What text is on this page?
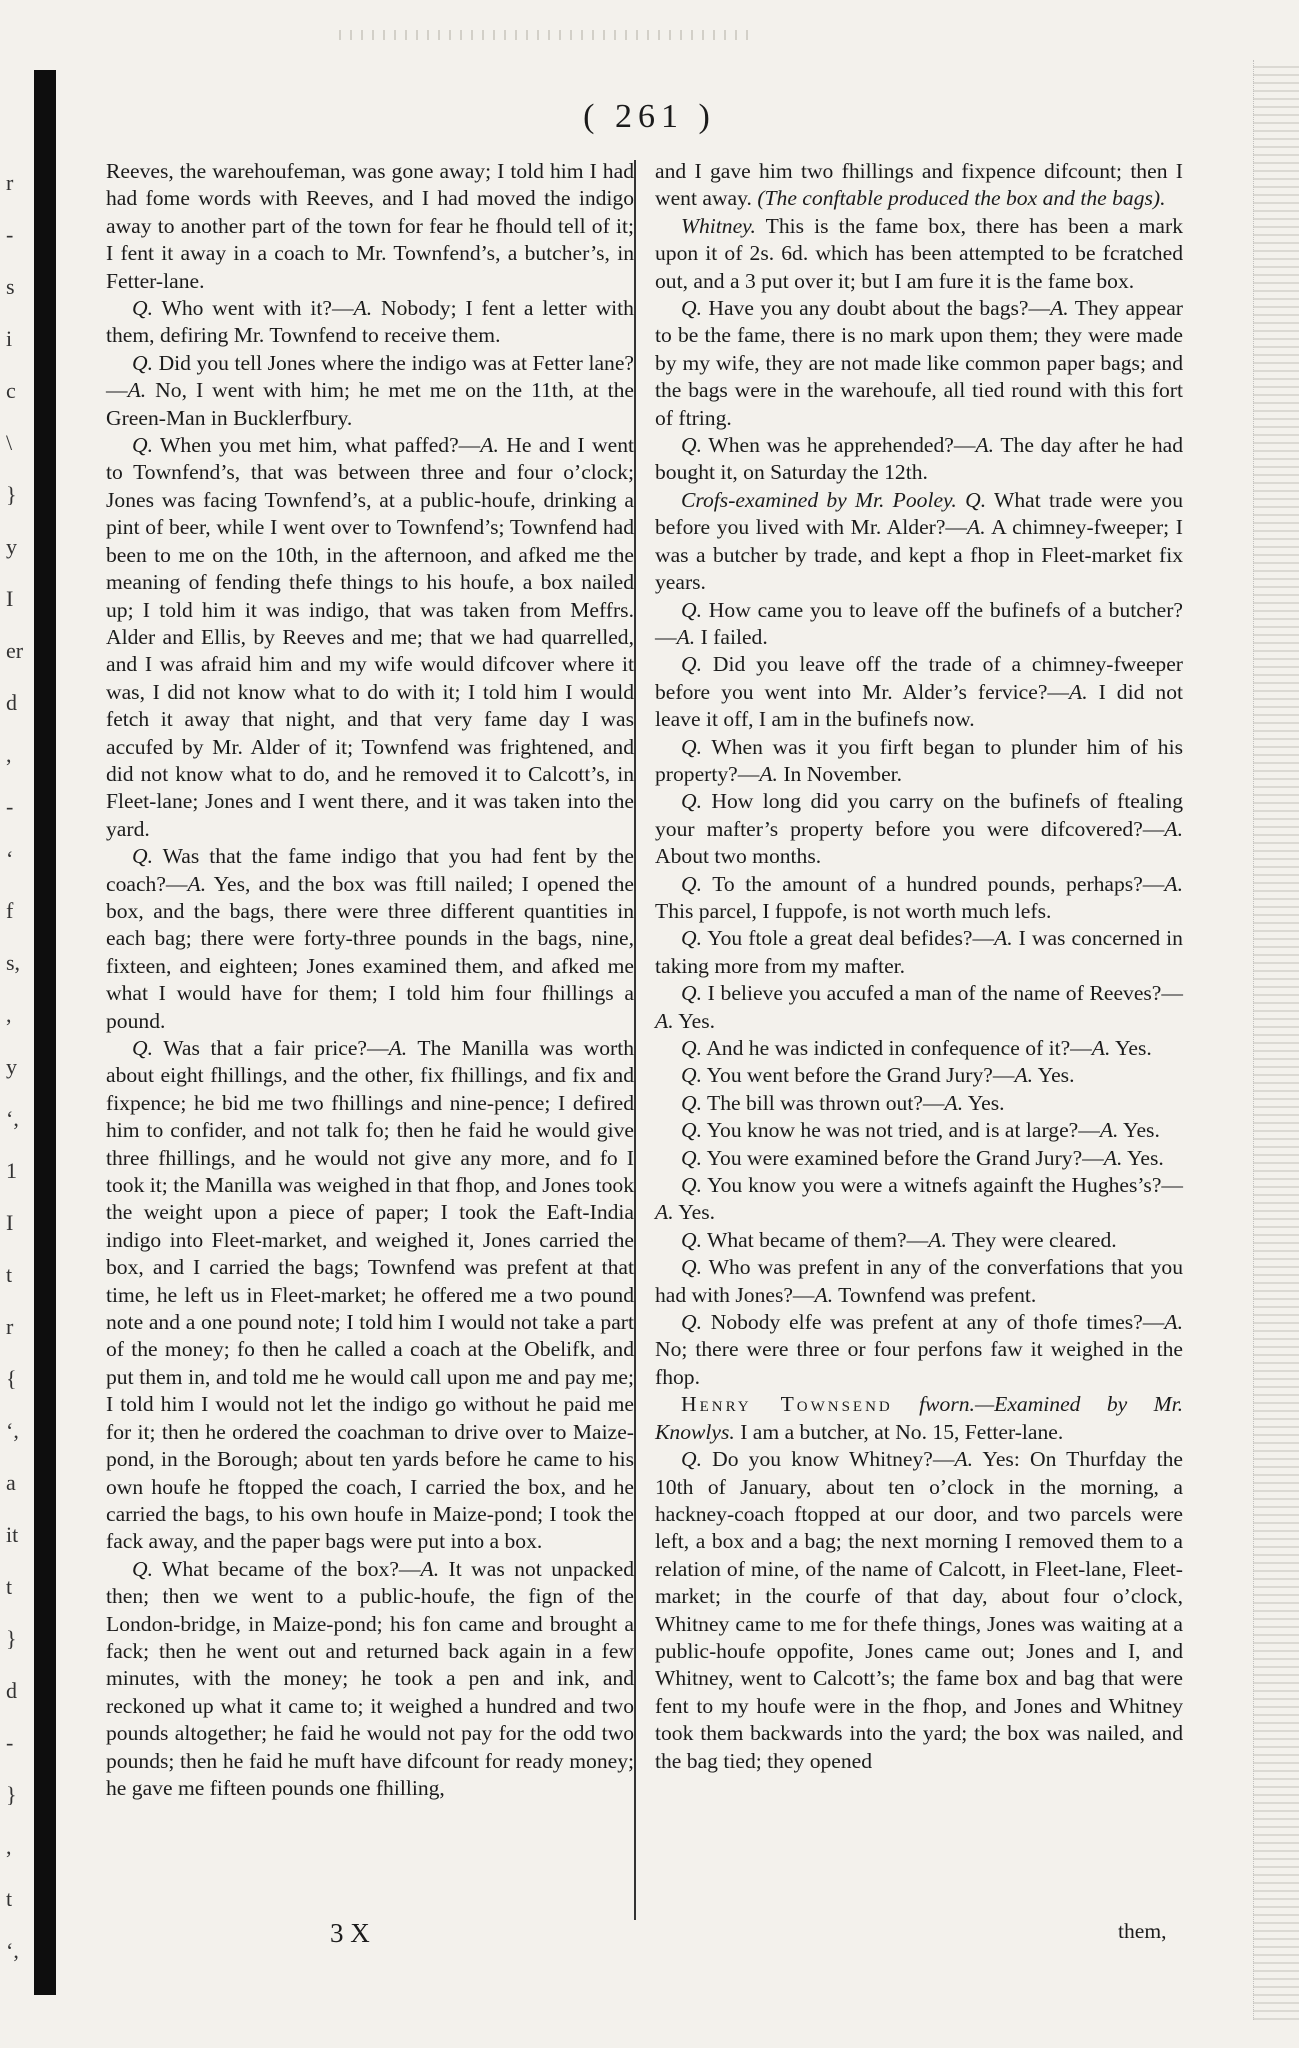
r
-
s
i
c
\
}
y
I
er
d
,
-
‘
f
s,
,
y
‘,
1
I
t
r
{
‘,
a
it
t
}
d
-
}
,
t
‘,
( 261 )

Reeves, the warehoufeman, was gone away; I told him I had had fome words with Reeves, and I had moved the indigo away to another part of the town for fear he fhould tell of it; I fent it away in a coach to Mr. Townfend’s, a butcher’s, in Fetter-lane.

Q. Who went with it?—A. Nobody; I fent a letter with them, defiring Mr. Townfend to receive them.

Q. Did you tell Jones where the indigo was at Fetter lane?—A. No, I went with him; he met me on the 11th, at the Green-Man in Bucklerfbury.

Q. When you met him, what paffed?—A. He and I went to Townfend’s, that was between three and four o’clock; Jones was facing Townfend’s, at a public-houfe, drinking a pint of beer, while I went over to Townfend’s; Townfend had been to me on the 10th, in the afternoon, and afked me the meaning of fending thefe things to his houfe, a box nailed up; I told him it was indigo, that was taken from Meffrs. Alder and Ellis, by Reeves and me; that we had quarrelled, and I was afraid him and my wife would difcover where it was, I did not know what to do with it; I told him I would fetch it away that night, and that very fame day I was accufed by Mr. Alder of it; Townfend was frightened, and did not know what to do, and he removed it to Calcott’s, in Fleet-lane; Jones and I went there, and it was taken into the yard.

Q. Was that the fame indigo that you had fent by the coach?—A. Yes, and the box was ftill nailed; I opened the box, and the bags, there were three different quantities in each bag; there were forty-three pounds in the bags, nine, fixteen, and eighteen; Jones examined them, and afked me what I would have for them; I told him four fhillings a pound.

Q. Was that a fair price?—A. The Manilla was worth about eight fhillings, and the other, fix fhillings, and fix and fixpence; he bid me two fhillings and nine-pence; I defired him to confider, and not talk fo; then he faid he would give three fhillings, and he would not give any more, and fo I took it; the Manilla was weighed in that fhop, and Jones took the weight upon a piece of paper; I took the Eaft-India indigo into Fleet-market, and weighed it, Jones carried the box, and I carried the bags; Townfend was prefent at that time, he left us in Fleet-market; he offered me a two pound note and a one pound note; I told him I would not take a part of the money; fo then he called a coach at the Obelifk, and put them in, and told me he would call upon me and pay me; I told him I would not let the indigo go without he paid me for it; then he ordered the coachman to drive over to Maize-pond, in the Borough; about ten yards before he came to his own houfe he ftopped the coach, I carried the box, and he carried the bags, to his own houfe in Maize-pond; I took the fack away, and the paper bags were put into a box.

Q. What became of the box?—A. It was not unpacked then; then we went to a public-houfe, the fign of the London-bridge, in Maize-pond; his fon came and brought a fack; then he went out and returned back again in a few minutes, with the money; he took a pen and ink, and reckoned up what it came to; it weighed a hundred and two pounds altogether; he faid he would not pay for the odd two pounds; then he faid he muft have difcount for ready money; he gave me fifteen pounds one fhilling,

and I gave him two fhillings and fixpence difcount; then I went away. (The conftable produced the box and the bags).

Whitney. This is the fame box, there has been a mark upon it of 2s. 6d. which has been attempted to be fcratched out, and a 3 put over it; but I am fure it is the fame box.

Q. Have you any doubt about the bags?—A. They appear to be the fame, there is no mark upon them; they were made by my wife, they are not made like common paper bags; and the bags were in the warehoufe, all tied round with this fort of ftring.

Q. When was he apprehended?—A. The day after he had bought it, on Saturday the 12th.

Crofs-examined by Mr. Pooley. Q. What trade were you before you lived with Mr. Alder?—A. A chimney-fweeper; I was a butcher by trade, and kept a fhop in Fleet-market fix years.

Q. How came you to leave off the bufinefs of a butcher?—A. I failed.

Q. Did you leave off the trade of a chimney-fweeper before you went into Mr. Alder’s fervice?—A. I did not leave it off, I am in the bufinefs now.

Q. When was it you firft began to plunder him of his property?—A. In November.

Q. How long did you carry on the bufinefs of ftealing your mafter’s property before you were difcovered?—A. About two months.

Q. To the amount of a hundred pounds, perhaps?—A. This parcel, I fuppofe, is not worth much lefs.

Q. You ftole a great deal befides?—A. I was concerned in taking more from my mafter.

Q. I believe you accufed a man of the name of Reeves?—A. Yes.

Q. And he was indicted in confequence of it?—A. Yes.

Q. You went before the Grand Jury?—A. Yes.

Q. The bill was thrown out?—A. Yes.

Q. You know he was not tried, and is at large?—A. Yes.

Q. You were examined before the Grand Jury?—A. Yes.

Q. You know you were a witnefs againft the Hughes’s?—A. Yes.

Q. What became of them?—A. They were cleared.

Q. Who was prefent in any of the converfations that you had with Jones?—A. Townfend was prefent.

Q. Nobody elfe was prefent at any of thofe times?—A. No; there were three or four perfons faw it weighed in the fhop.

Henry Townsend fworn.—Examined by Mr. Knowlys. I am a butcher, at No. 15, Fetter-lane.

Q. Do you know Whitney?—A. Yes: On Thurfday the 10th of January, about ten o’clock in the morning, a hackney-coach ftopped at our door, and two parcels were left, a box and a bag; the next morning I removed them to a relation of mine, of the name of Calcott, in Fleet-lane, Fleet-market; in the courfe of that day, about four o’clock, Whitney came to me for thefe things, Jones was waiting at a public-houfe oppofite, Jones came out; Jones and I, and Whitney, went to Calcott’s; the fame box and bag that were fent to my houfe were in the fhop, and Jones and Whitney took them backwards into the yard; the box was nailed, and the bag tied; they opened

3 X	them,
